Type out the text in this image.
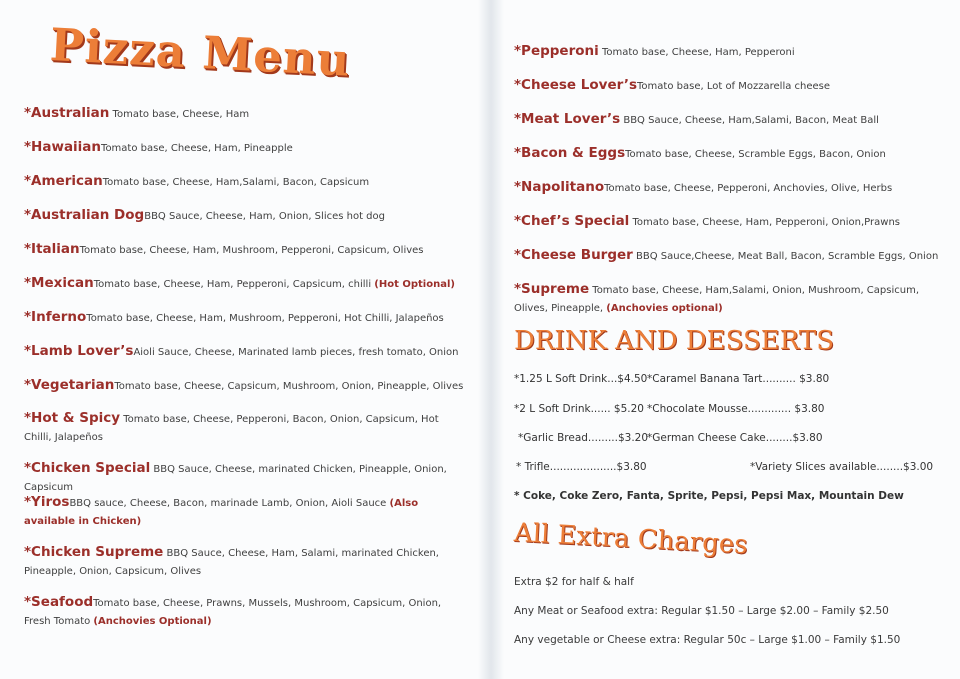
Pizza Menu
*Australian Tomato base, Cheese, Ham
*HawaiianTomato base, Cheese, Ham, Pineapple
*AmericanTomato base, Cheese, Ham,Salami, Bacon, Capsicum
*Australian DogBBQ Sauce, Cheese, Ham, Onion, Slices hot dog
*ItalianTomato base, Cheese, Ham, Mushroom, Pepperoni, Capsicum, Olives
*MexicanTomato base, Cheese, Ham, Pepperoni, Capsicum, chilli (Hot Optional)
*InfernoTomato base, Cheese, Ham, Mushroom, Pepperoni, Hot Chilli, Jalapeños
*Lamb Lover’sAioli Sauce, Cheese, Marinated lamb pieces, fresh tomato, Onion
*VegetarianTomato base, Cheese, Capsicum, Mushroom, Onion, Pineapple, Olives
*Hot & Spicy Tomato base, Cheese, Pepperoni, Bacon, Onion, Capsicum, Hot Chilli, Jalapeños
*Chicken Special BBQ Sauce, Cheese, marinated Chicken, Pineapple, Onion, Capsicum
*YirosBBQ sauce, Cheese, Bacon, marinade Lamb, Onion, Aioli Sauce (Also available in Chicken)
*Chicken Supreme BBQ Sauce, Cheese, Ham, Salami, marinated Chicken, Pineapple, Onion, Capsicum, Olives
*SeafoodTomato base, Cheese, Prawns, Mussels, Mushroom, Capsicum, Onion, Fresh Tomato (Anchovies Optional)
*Pepperoni Tomato base, Cheese, Ham, Pepperoni
*Cheese Lover’sTomato base, Lot of Mozzarella cheese
*Meat Lover’s BBQ Sauce, Cheese, Ham,Salami, Bacon, Meat Ball
*Bacon & EggsTomato base, Cheese, Scramble Eggs, Bacon, Onion
*NapolitanoTomato base, Cheese, Pepperoni, Anchovies, Olive, Herbs
*Chef’s Special Tomato base, Cheese, Ham, Pepperoni, Onion,Prawns
*Cheese Burger BBQ Sauce,Cheese, Meat Ball, Bacon, Scramble Eggs, Onion
*Supreme Tomato base, Cheese, Ham,Salami, Onion, Mushroom, Capsicum, Olives, Pineapple, (Anchovies optional)
DRINK AND DESSERTS
*1.25 L Soft Drink...$4.50 *Caramel Banana Tart.......... $3.80
*2 L Soft Drink...... $5.20 *Chocolate Mousse............. $3.80
*Garlic Bread.........$3.20
*German Cheese Cake........$3.80
* Trifle....................$3.80	*Variety Slices available........$3.00
* Coke, Coke Zero, Fanta, Sprite, Pepsi, Pepsi Max, Mountain Dew
All Extra Charges
Extra $2 for half & half
Any Meat or Seafood extra: Regular $1.50 – Large $2.00 – Family $2.50
Any vegetable or Cheese extra: Regular 50c – Large $1.00 – Family $1.50
